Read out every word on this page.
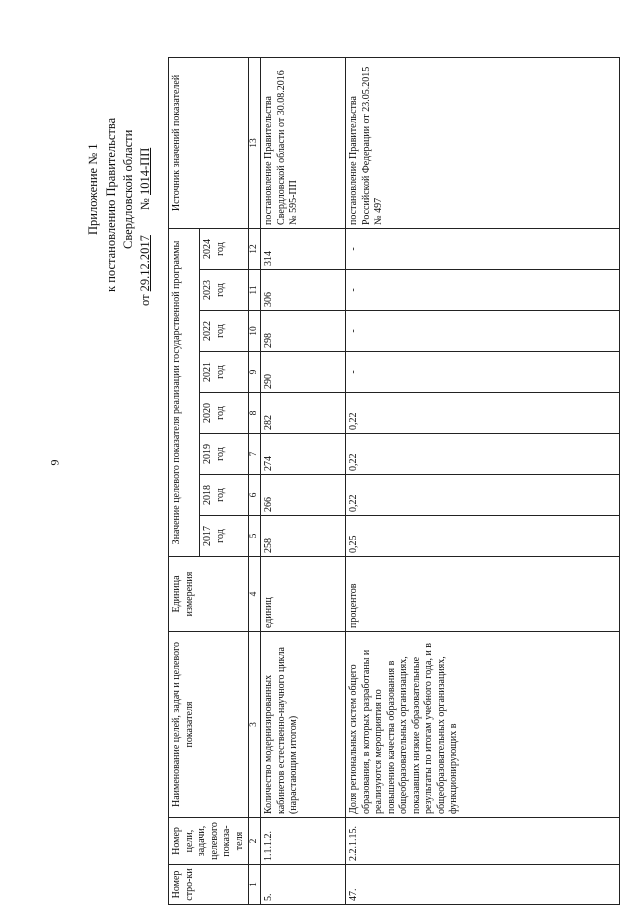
9
Приложение № 1 к постановлению Правительства Свердловской области
от 29.12.2017        № 1014-ПП
Номер стро-ки	Номер цели, задачи, целевого показа-теля	Наименование целей, задач и целевого показателя	Единица измерения	Значение целевого показателя реализации государственной программы								Источник значений показателей
				2017 год	2018 год	2019 год	2020 год	2021 год	2022 год	2023 год	2024 год	
1	2	3	4	5	6	7	8	9	10	11	12	13
5.	1.1.1.2.	Количество модернизированных кабинетов естественно-научного цикла (нарастающим итогом)	единиц	258	266	274	282	290	298	306	314	постановление Правительства Свердловской области от 30.08.2016 № 595-ПП
47.	2.2.1.15.	Доля региональных систем общего образования, в которых разработаны и реализуются мероприятия по повышению качества образования в общеобразовательных организациях, показавших низкие образовательные результаты по итогам учебного года, и в общеобразовательных организациях, функционирующих в	процентов	0,25	0,22	0,22	0,22	-	-	-	-	постановление Правительства Российской Федерации от 23.05.2015 № 497
